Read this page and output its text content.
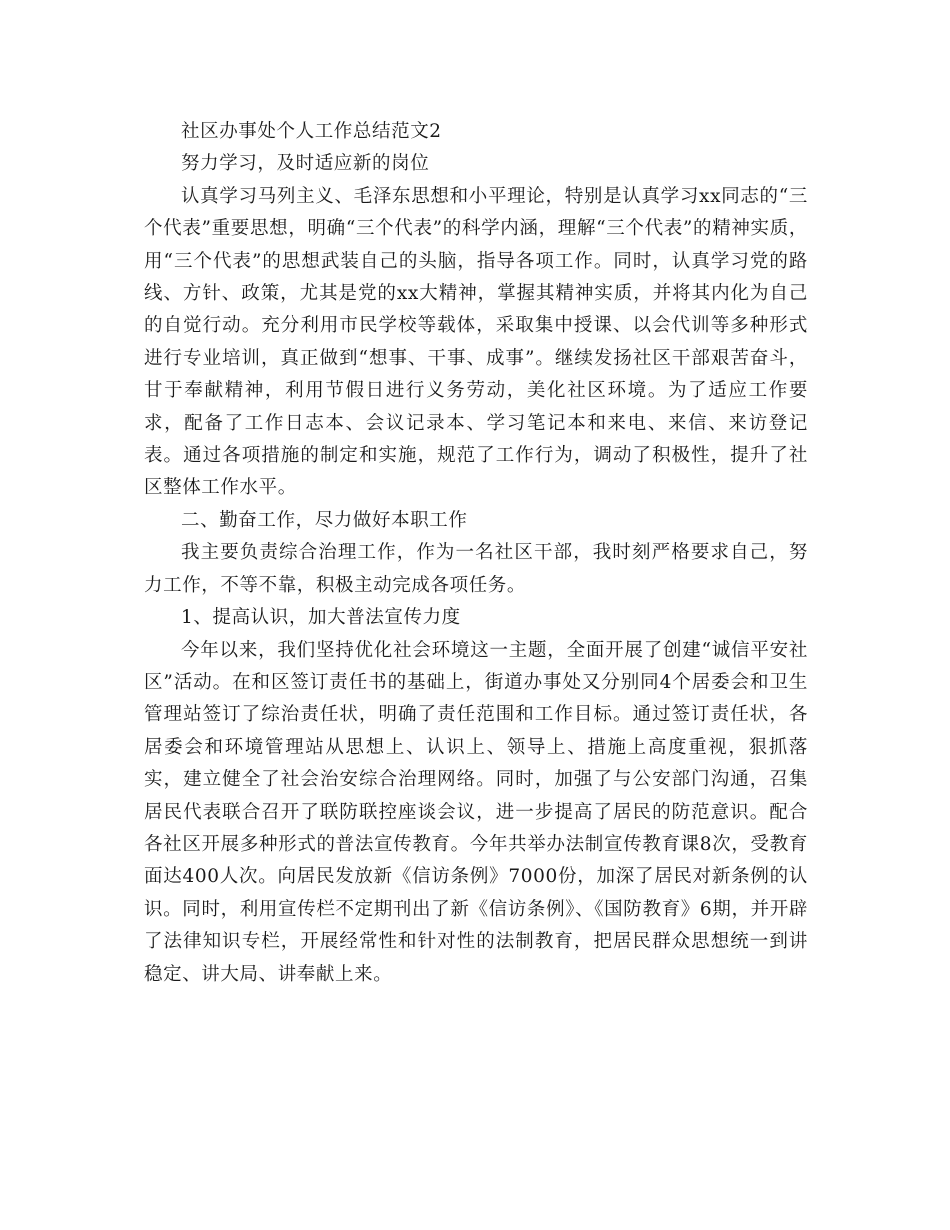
社区办事处个人工作总结范文2

努力学习，及时适应新的岗位

认真学习马列主义、毛泽东思想和小平理论，特别是认真学习xx同志的“三个代表”重要思想，明确“三个代表”的科学内涵，理解“三个代表”的精神实质，用“三个代表”的思想武装自己的头脑，指导各项工作。同时，认真学习党的路线、方针、政策，尤其是党的xx大精神，掌握其精神实质，并将其内化为自己的自觉行动。充分利用市民学校等载体，采取集中授课、以会代训等多种形式进行专业培训，真正做到“想事、干事、成事”。继续发扬社区干部艰苦奋斗，甘于奉献精神，利用节假日进行义务劳动，美化社区环境。为了适应工作要求，配备了工作日志本、会议记录本、学习笔记本和来电、来信、来访登记表。通过各项措施的制定和实施，规范了工作行为，调动了积极性，提升了社区整体工作水平。

二、勤奋工作，尽力做好本职工作

我主要负责综合治理工作，作为一名社区干部，我时刻严格要求自己，努力工作，不等不靠，积极主动完成各项任务。

1、提高认识，加大普法宣传力度

今年以来，我们坚持优化社会环境这一主题，全面开展了创建“诚信平安社区”活动。在和区签订责任书的基础上，街道办事处又分别同4个居委会和卫生管理站签订了综治责任状，明确了责任范围和工作目标。通过签订责任状，各居委会和环境管理站从思想上、认识上、领导上、措施上高度重视，狠抓落实，建立健全了社会治安综合治理网络。同时，加强了与公安部门沟通，召集居民代表联合召开了联防联控座谈会议，进一步提高了居民的防范意识。配合各社区开展多种形式的普法宣传教育。今年共举办法制宣传教育课8次，受教育面达400人次。向居民发放新《信访条例》7000份，加深了居民对新条例的认识。同时，利用宣传栏不定期刊出了新《信访条例》、《国防教育》6期，并开辟了法律知识专栏，开展经常性和针对性的法制教育，把居民群众思想统一到讲稳定、讲大局、讲奉献上来。
